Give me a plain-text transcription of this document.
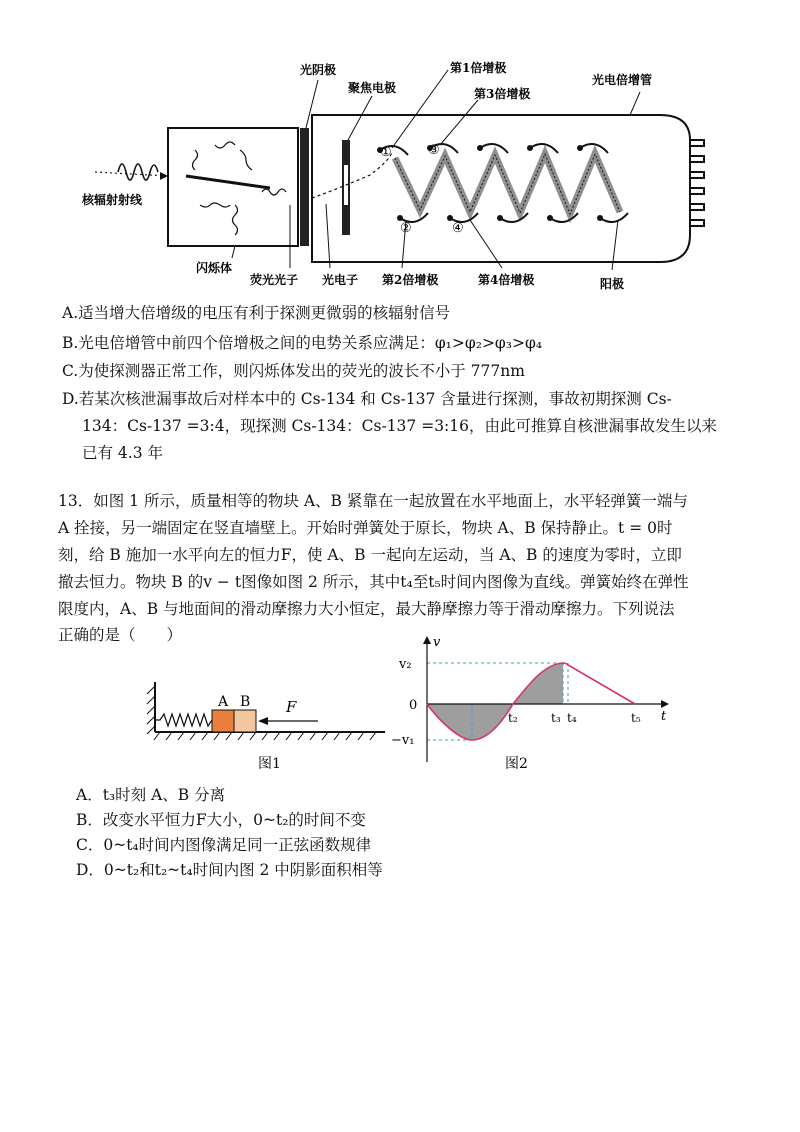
光阴极
聚焦电极
第1倍增极
第3倍增极
光电倍增管
核辐射射线
闪烁体
荧光光子 光电子 第2倍增极	第4倍增极	阳极
①	③
②	④
A.适当增大倍增级的电压有利于探测更微弱的核辐射信号
B.光电倍增管中前四个倍增极之间的电势关系应满足：φ₁>φ₂>φ₃>φ₄
C.为使探测器正常工作，则闪烁体发出的荧光的波长不小于 777nm
D.若某次核泄漏事故后对样本中的 Cs-134 和 Cs-137 含量进行探测，事故初期探测 Cs-
134：Cs-137 =3:4，现探测 Cs-134：Cs-137 =3:16，由此可推算自核泄漏事故发生以来
已有 4.3 年
13．如图 1 所示，质量相等的物块 A、B 紧靠在一起放置在水平地面上，水平轻弹簧一端与
A 拴接，另一端固定在竖直墙壁上。开始时弹簧处于原长，物块 A、B 保持静止。t = 0时
刻，给 B 施加一水平向左的恒力F，使 A、B 一起向左运动，当 A、B 的速度为零时，立即
撤去恒力。物块 B 的v − t图像如图 2 所示，其中t₄至t₅时间内图像为直线。弹簧始终在弹性
限度内，A、B 与地面间的滑动摩擦力大小恒定，最大静摩擦力等于滑动摩擦力。下列说法
正确的是（　　）
A B F
图1
v
t
v₂
0
−v₁
t₂	t₃ t₄	t₅
图2
A．t₃时刻 A、B 分离
B．改变水平恒力F大小，0~t₂的时间不变
C．0~t₄时间内图像满足同一正弦函数规律
D．0~t₂和t₂~t₄时间内图 2 中阴影面积相等
